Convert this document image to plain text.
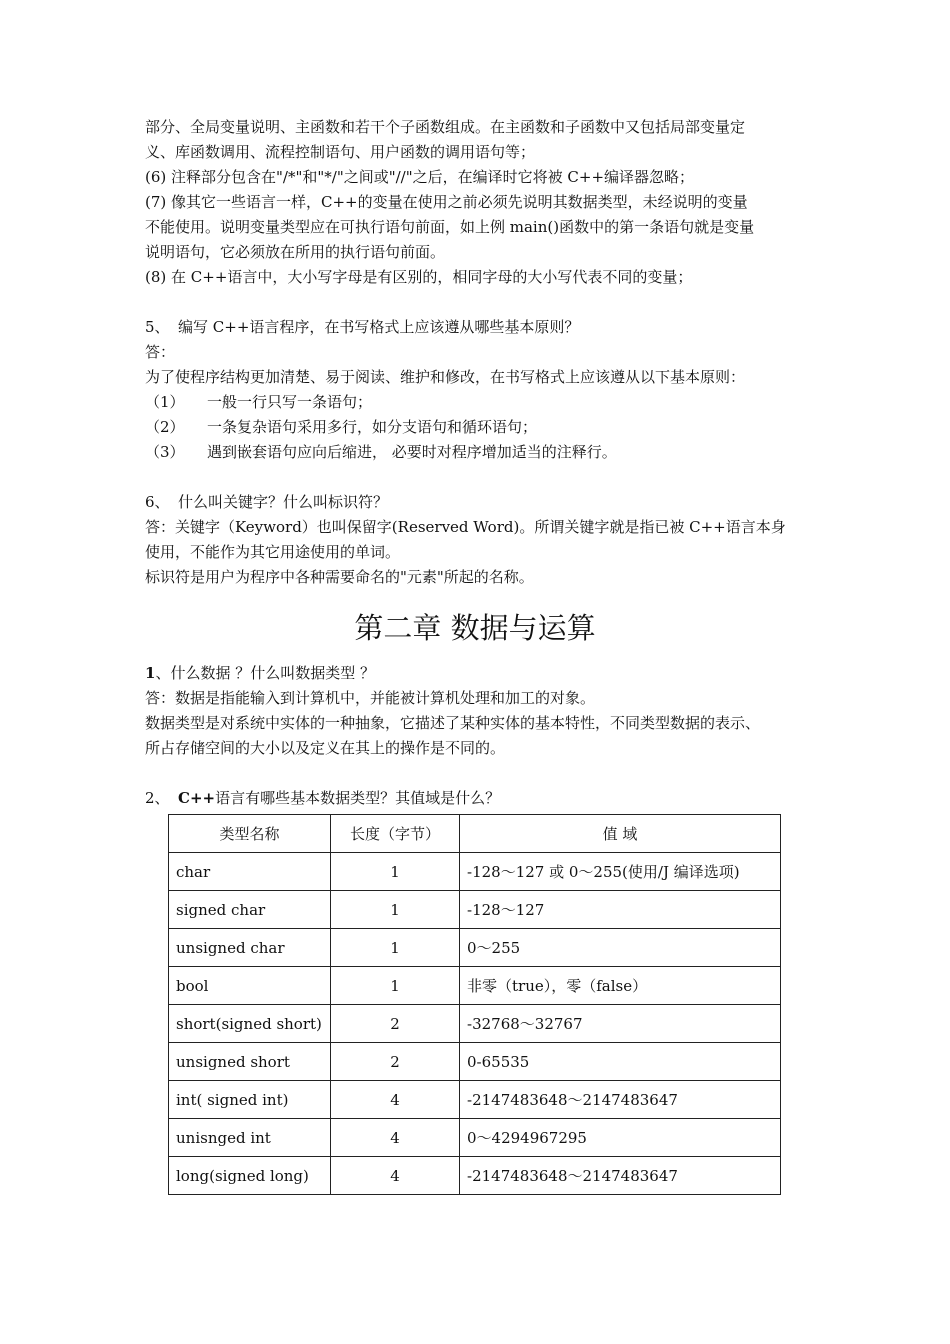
部分、全局变量说明、主函数和若干个子函数组成。在主函数和子函数中又包括局部变量定
义、库函数调用、流程控制语句、用户函数的调用语句等；
(6) 注释部分包含在"/*"和"*/"之间或"//"之后，在编译时它将被 C++编译器忽略；
(7) 像其它一些语言一样，C++的变量在使用之前必须先说明其数据类型，未经说明的变量
不能使用。说明变量类型应在可执行语句前面，如上例 main()函数中的第一条语句就是变量
说明语句，它必须放在所用的执行语句前面。
(8) 在 C++语言中，大小写字母是有区别的，相同字母的大小写代表不同的变量；
5、 编写 C++语言程序，在书写格式上应该遵从哪些基本原则？
答：
为了使程序结构更加清楚、易于阅读、维护和修改，在书写格式上应该遵从以下基本原则：
（1） 一般一行只写一条语句；
（2） 一条复杂语句采用多行，如分支语句和循环语句；
（3） 遇到嵌套语句应向后缩进， 必要时对程序增加适当的注释行。
6、 什么叫关键字？什么叫标识符？
答：关键字（Keyword）也叫保留字(Reserved Word)。所谓关键字就是指已被 C++语言本身
使用，不能作为其它用途使用的单词。
标识符是用户为程序中各种需要命名的"元素"所起的名称。
第二章 数据与运算
1、什么数据 ？什么叫数据类型 ？
答：数据是指能输入到计算机中，并能被计算机处理和加工的对象。
数据类型是对系统中实体的一种抽象，它描述了某种实体的基本特性，不同类型数据的表示、
所占存储空间的大小以及定义在其上的操作是不同的。
2、 C++语言有哪些基本数据类型？其值域是什么？
类型名称	长度（字节）	值 域
char	1	-128～127 或 0～255(使用/J 编译选项)
signed char	1	-128～127
unsigned char	1	0～255
bool	1	非零（true），零（false）
short(signed short)	2	-32768～32767
unsigned short	2	0-65535
int( signed int)	4	-2147483648～2147483647
unisnged int	4	0～4294967295
long(signed long)	4	-2147483648～2147483647
